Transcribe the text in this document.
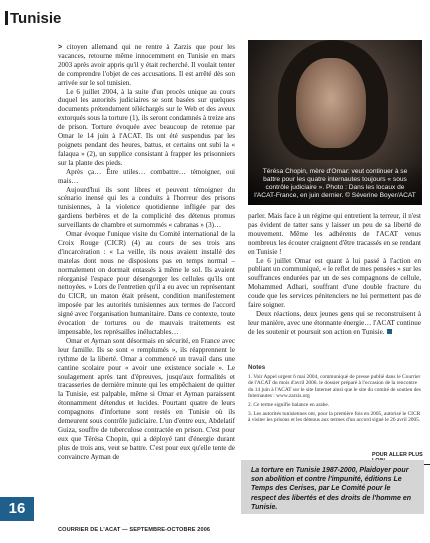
Tunisie

> citoyen allemand qui ne rentre à Zarzis que pour les vacances, retourne même innocemment en Tunisie en mars 2003 après avoir appris qu'il y était recherché. Il voulait tenter de comprendre l'objet de ces accusations. Il est arrêté dès son arrivée sur le sol tunisien.

Le 6 juillet 2004, à la suite d'un procès unique au cours duquel les autorités judiciaires se sont basées sur quelques documents prétendument téléchargés sur le Web et des aveux extorqués sous la torture (1), ils seront condamnés à treize ans de prison. Torture évoquée avec beaucoup de retenue par Omar le 14 juin à l'ACAT. Ils ont été suspendus par les poignets pendant des heures, battus, et certains ont subi la « falaqua » (2), un supplice consistant à frapper les prisonniers sur la plante des pieds.

Après ça… Être utiles… combattre… témoigner, oui mais…

Aujourd'hui ils sont libres et peuvent témoigner du scénario inensé qui les a conduits à l'horreur des prisons tunisiennes, à la violence quotidienne infligée par des gardiens berbères et de la complicité des détenus promus surveillants de chambre et surnommés « cabranas » (3)…

Omar évoque l'unique visite du Comité international de la Croix Rouge (CICR) (4) au cours de ses trois ans d'incarcération : « La veille, ils nous avaient installé des matelas dont nous ne disposions pas en temps normal – normalement on dormait entassés à même le sol. Ils avaient réorganisé l'espace pour désengorger les cellules qu'ils ont nettoyées. » Lors de l'entretien qu'il a eu avec un représentant du CICR, un maton était présent, condition manifestement imposée par les autorités tunisiennes aux termes de l'accord signé avec l'organisation humanitaire. Dans ce contexte, toute évocation de tortures ou de mauvais traitements est impensable, les représailles inéluctables…

Omar et Ayman sont désormais en sécurité, en France avec leur famille. Ils se sont « remplumés », ils réapprennent le rythme de la liberté. Omar a commencé un travail dans une cantine scolaire pour « avoir une existence sociale ». Le soulagement après tant d'épreuves, jusqu'aux formalités et tracasseries de dernière minute qui les empêchaient de quitter la Tunisie, est palpable, même si Omar et Ayman paraissent étonnamment détendus et lucides. Pourtant quatre de leurs compagnons d'infortune sont restés en Tunisie où ils demeurent sous contrôle judiciaire. L'un d'entre eux, Abdelatif Guiza, souffre de tuberculose contractée en prison. C'est pour eux que Térésa Chopin, qui a déployé tant d'énergie durant plus de trois ans, veut se battre. C'est pour eux qu'elle tente de convaincre Ayman de

Térésa Chopin, mère d'Omar: veut continuer à se battre pour les quatre internautes toujours « sous contrôle judiciaire ». Photo : Dans les locaux de l'ACAT-France, en juin dernier. © Séverine Boyer/ACAT

parler. Mais face à un régime qui entretient la terreur, il n'est pas évident de tatter sans y laisser un peu de sa liberté de mouvement. Même les adhérents de l'ACAT venus nombreux les écouter craignent d'être tracassés en se rendant en Tunisie !

Le 6 juillet Omar est quant à lui passé à l'action en publiant un communiqué, « le reflet de mes pensées » sur les souffrances endurées par un de ses compagnons de cellule, Mohammed Adhari, souffrant d'une double fracture du coude que les services pénitenciers ne lui permettent pas de faire soigner.

Deux réactions, deux jeunes gens qui se reconstruisent à leur manière, avec une étonnante énergie… l'ACAT continue de les soutenir et poursuit son action en Tunisie.

Notes

1. Voir Appel urgent 6 mai 2004, communiqué de presse publié dans le Courrier de l'ACAT du mois d'avril 2006. le dossier préparé à l'occasion de la rencontre du 14 juin à l'ACAT sur le site Internet ainsi que le site du comité de soutien des Internautes : www.zarzis.org

2. Ce terme signifie balance en arabe.

3. Les autorités tunisiennes ont, pour la première fois en 2005, autorisé le CICR à visiter les prisons et les détenus aux termes d'un accord signé le 26 avril 2005.

POUR ALLER PLUS
La torture en Tunisie 1987-2000, Plaidoyer pour son abolition et contre l'impunité, éditions Le Temps des Cerises, par Le Comité pour le respect des libertés et des droits de l'homme en Tunisie.
16
COURRIER DE L'ACAT — SEPTEMBRE-OCTOBRE 2006
